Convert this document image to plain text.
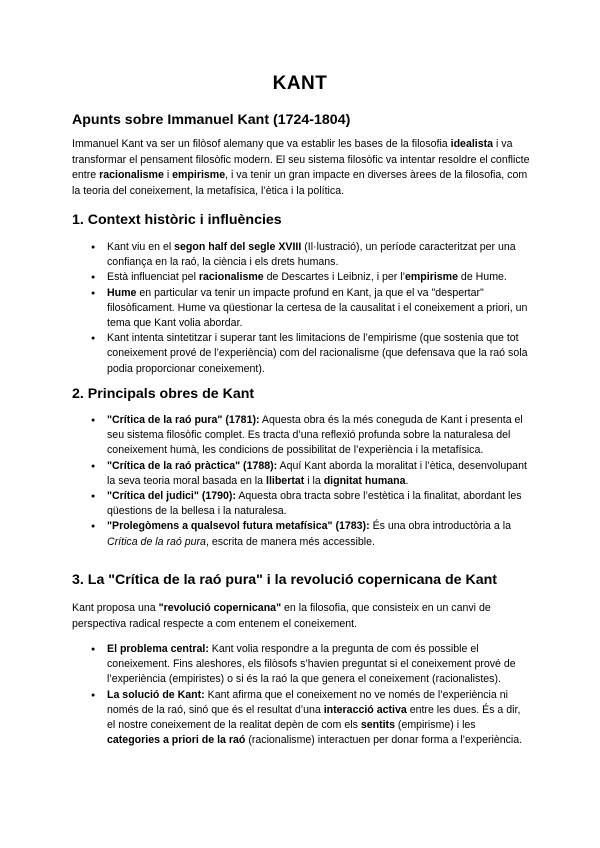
KANT
Apunts sobre Immanuel Kant (1724-1804)
Immanuel Kant va ser un filòsof alemany que va establir les bases de la filosofia idealista i va transformar el pensament filosòfic modern. El seu sistema filosòfic va intentar resoldre el conflicte entre racionalisme i empirisme, i va tenir un gran impacte en diverses àrees de la filosofia, com la teoria del coneixement, la metafísica, l’ètica i la política.
1. Context històric i influències
● Kant viu en el segon half del segle XVIII (Il·lustració), un període caracteritzat per una confiança en la raó, la ciència i els drets humans.
● Està influenciat pel racionalisme de Descartes i Leibniz, i per l’empirisme de Hume.
● Hume en particular va tenir un impacte profund en Kant, ja que el va "despertar" filosòficament. Hume va qüestionar la certesa de la causalitat i el coneixement a priori, un tema que Kant volia abordar.
● Kant intenta sintetitzar i superar tant les limitacions de l’empirisme (que sostenia que tot coneixement prové de l’experiència) com del racionalisme (que defensava que la raó sola podia proporcionar coneixement).
2. Principals obres de Kant
● "Crítica de la raó pura" (1781): Aquesta obra és la més coneguda de Kant i presenta el seu sistema filosòfic complet. Es tracta d’una reflexió profunda sobre la naturalesa del coneixement humà, les condicions de possibilitat de l’experiència i la metafísica.
● "Crítica de la raó pràctica" (1788): Aquí Kant aborda la moralitat i l’ètica, desenvolupant la seva teoria moral basada en la llibertat i la dignitat humana.
● "Crítica del judici" (1790): Aquesta obra tracta sobre l’estètica i la finalitat, abordant les qüestions de la bellesa i la naturalesa.
● "Prolegòmens a qualsevol futura metafísica" (1783): És una obra introductòria a la Crítica de la raó pura, escrita de manera més accessible.
3. La "Crítica de la raó pura" i la revolució copernicana de Kant
Kant proposa una "revolució copernicana" en la filosofia, que consisteix en un canvi de perspectiva radical respecte a com entenem el coneixement.
● El problema central: Kant volia respondre a la pregunta de com és possible el coneixement. Fins aleshores, els filòsofs s’havien preguntat si el coneixement prové de l’experiència (empiristes) o si és la raó la que genera el coneixement (racionalistes).
● La solució de Kant: Kant afirma que el coneixement no ve només de l’experiència ni només de la raó, sinó que és el resultat d’una interacció activa entre les dues. És a dir, el nostre coneixement de la realitat depèn de com els sentits (empirisme) i les categories a priori de la raó (racionalisme) interactuen per donar forma a l’experiència.
